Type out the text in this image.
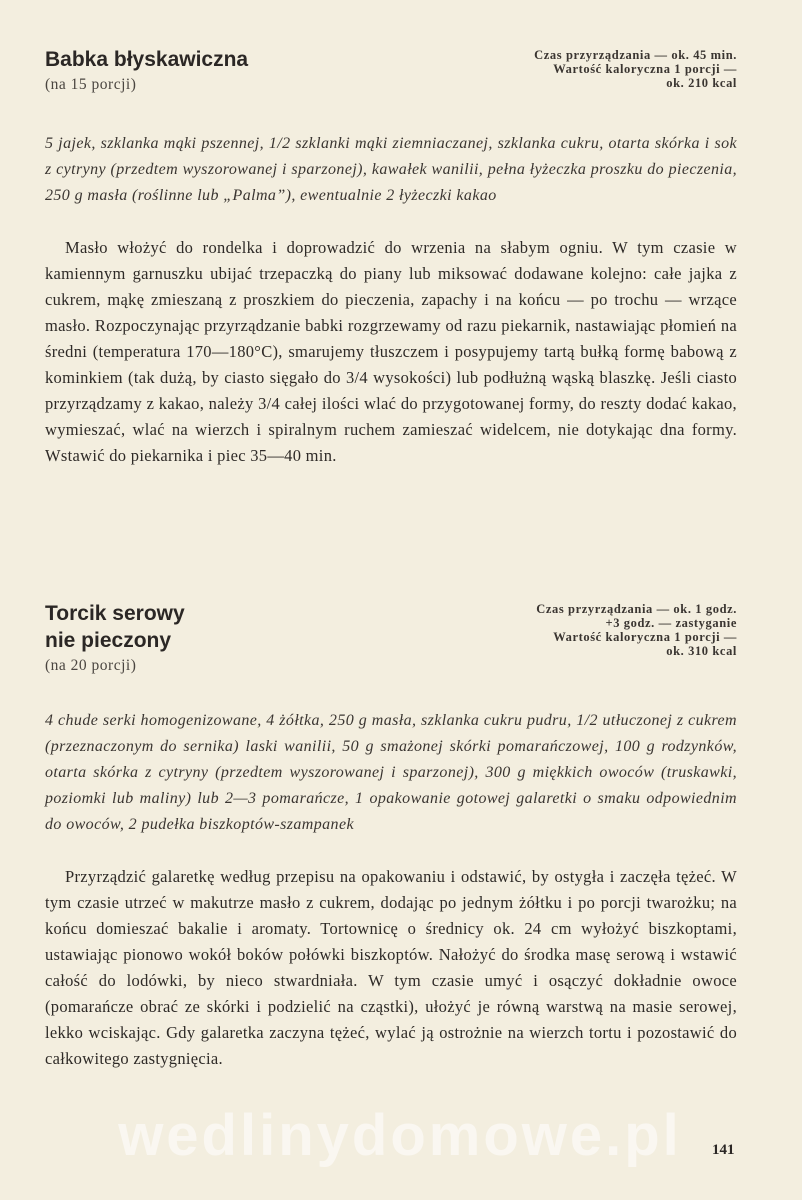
Babka błyskawiczna
(na 15 porcji)
Czas przyrządzania — ok. 45 min.
Wartość kaloryczna 1 porcji —
ok. 210 kcal

5 jajek, szklanka mąki pszennej, 1/2 szklanki mąki ziemniaczanej, szklanka cukru, otarta skórka i sok z cytryny (przedtem wyszorowanej i sparzonej), kawałek wanilii, pełna łyżeczka proszku do pieczenia, 250 g masła (roślinne lub „Palma”), ewentualnie 2 łyżeczki kakao

Masło włożyć do rondelka i doprowadzić do wrzenia na słabym ogniu. W tym czasie w kamiennym garnuszku ubijać trzepaczką do piany lub miksować dodawane kolejno: całe jajka z cukrem, mąkę zmieszaną z proszkiem do pieczenia, zapachy i na końcu — po trochu — wrzące masło. Rozpoczynając przyrządzanie babki rozgrzewamy od razu piekarnik, nastawiając płomień na średni (temperatura 170—180°C), smarujemy tłuszczem i posypujemy tartą bułką formę babową z kominkiem (tak dużą, by ciasto sięgało do 3/4 wysokości) lub podłużną wąską blaszkę. Jeśli ciasto przyrządzamy z kakao, należy 3/4 całej ilości wlać do przygotowanej formy, do reszty dodać kakao, wymieszać, wlać na wierzch i spiralnym ruchem zamieszać widelcem, nie dotykając dna formy. Wstawić do piekarnika i piec 35—40 min.

Torcik serowy
nie pieczony
(na 20 porcji)
Czas przyrządzania — ok. 1 godz.
+3 godz. — zastyganie
Wartość kaloryczna 1 porcji —
ok. 310 kcal

4 chude serki homogenizowane, 4 żółtka, 250 g masła, szklanka cukru pudru, 1/2 utłuczonej z cukrem (przeznaczonym do sernika) laski wanilii, 50 g smażonej skórki pomarańczowej, 100 g rodzynków, otarta skórka z cytryny (przedtem wyszorowanej i sparzonej), 300 g miękkich owoców (truskawki, poziomki lub maliny) lub 2—3 pomarańcze, 1 opakowanie gotowej galaretki o smaku odpowiednim do owoców, 2 pudełka biszkoptów-szampanek

Przyrządzić galaretkę według przepisu na opakowaniu i odstawić, by ostygła i zaczęła tężeć. W tym czasie utrzeć w makutrze masło z cukrem, dodając po jednym żółtku i po porcji twarożku; na końcu domieszać bakalie i aromaty. Tortownicę o średnicy ok. 24 cm wyłożyć biszkoptami, ustawiając pionowo wokół boków połówki biszkoptów. Nałożyć do środka masę serową i wstawić całość do lodówki, by nieco stwardniała. W tym czasie umyć i osączyć dokładnie owoce (pomarańcze obrać ze skórki i podzielić na cząstki), ułożyć je równą warstwą na masie serowej, lekko wciskając. Gdy galaretka zaczyna tężeć, wylać ją ostrożnie na wierzch tortu i pozostawić do całkowitego zastygnięcia.

wedlinydomowe.pl	141
